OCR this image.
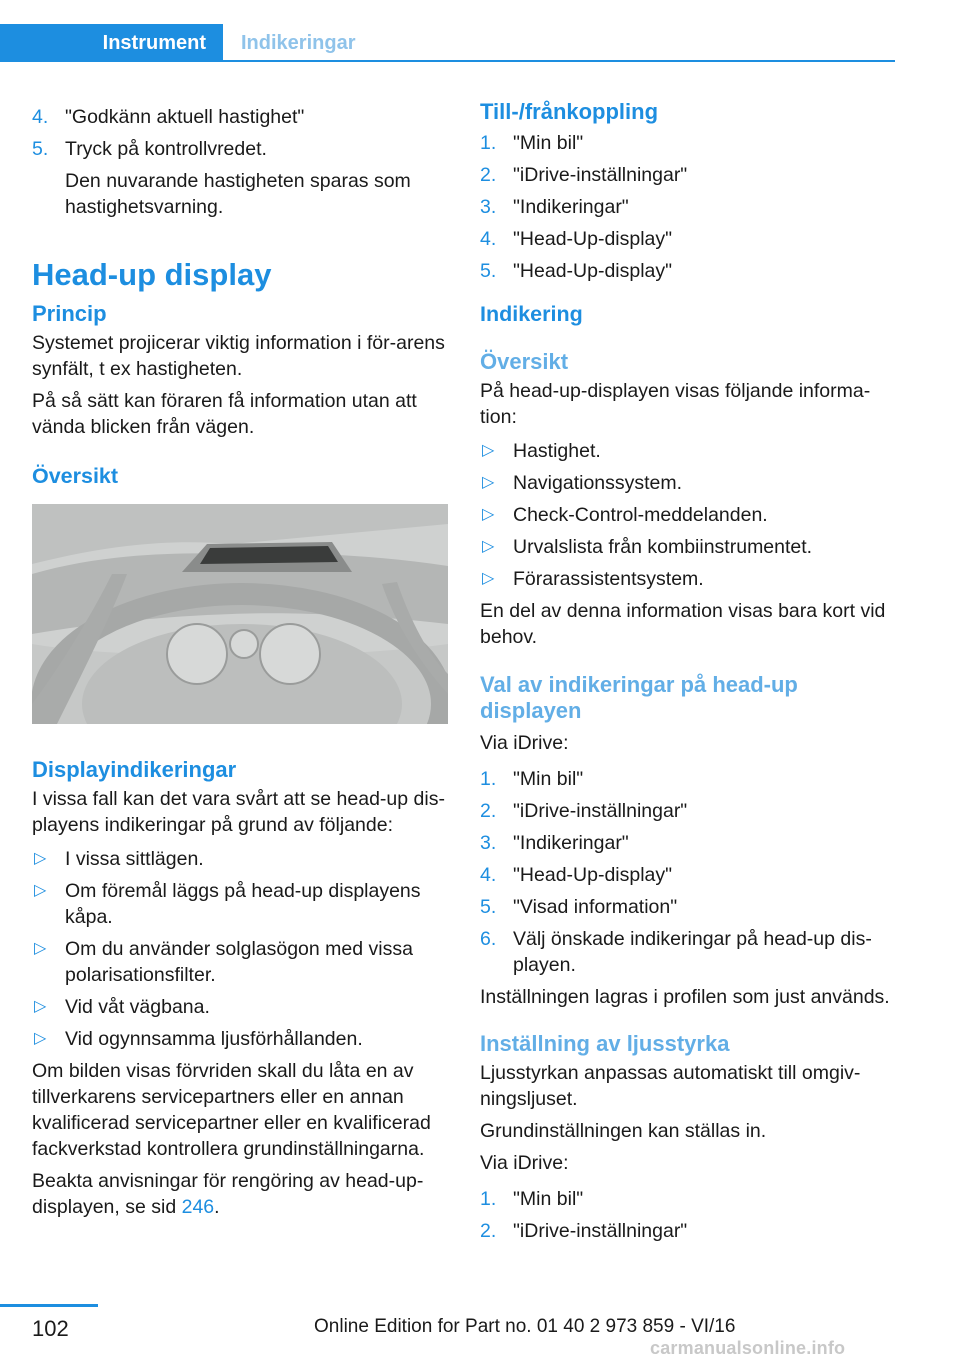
Instrument	Indikeringar
4. "Godkänn aktuell hastighet"
5. Tryck på kontrollvredet.
Den nuvarande hastigheten sparas som hastighetsvarning.
Head-up display
Princip

Systemet projicerar viktig information i för-arens synfält, t ex hastigheten.

På så sätt kan föraren få information utan att vända blicken från vägen.

Översikt
Displayindikeringar

I vissa fall kan det vara svårt att se head-up dis-playens indikeringar på grund av följande:

▷ I vissa sittlägen.
▷ Om föremål läggs på head-up displayens kåpa.
▷ Om du använder solglasögon med vissa polarisationsfilter.
▷ Vid våt vägbana.
▷ Vid ogynnsamma ljusförhållanden.

Om bilden visas förvriden skall du låta en av tillverkarens servicepartners eller en annan kvalificerad servicepartner eller en kvalificerad fackverkstad kontrollera grundinställningarna.

Beakta anvisningar för rengöring av head-up-displayen, se sid 246.

Till-/frånkoppling
1. "Min bil"
2. "iDrive-inställningar"
3. "Indikeringar"
4. "Head-Up-display"
5. "Head-Up-display"
Indikering
Översikt

På head-up-displayen visas följande informa-tion:

▷ Hastighet.
▷ Navigationssystem.
▷ Check-Control-meddelanden.
▷ Urvalslista från kombiinstrumentet.
▷ Förarassistentsystem.

En del av denna information visas bara kort vid behov.

Val av indikeringar på head-up displayen

Via iDrive:

1. "Min bil"
2. "iDrive-inställningar"
3. "Indikeringar"
4. "Head-Up-display"
5. "Visad information"
6. Välj önskade indikeringar på head-up dis-playen.

Inställningen lagras i profilen som just används.

Inställning av ljusstyrka

Ljusstyrkan anpassas automatiskt till omgiv-ningsljuset.

Grundinställningen kan ställas in.

Via iDrive:

1. "Min bil"
2. "iDrive-inställningar"
102	Online Edition for Part no. 01 40 2 973 859 - VI/16
carmanualsonline.info
